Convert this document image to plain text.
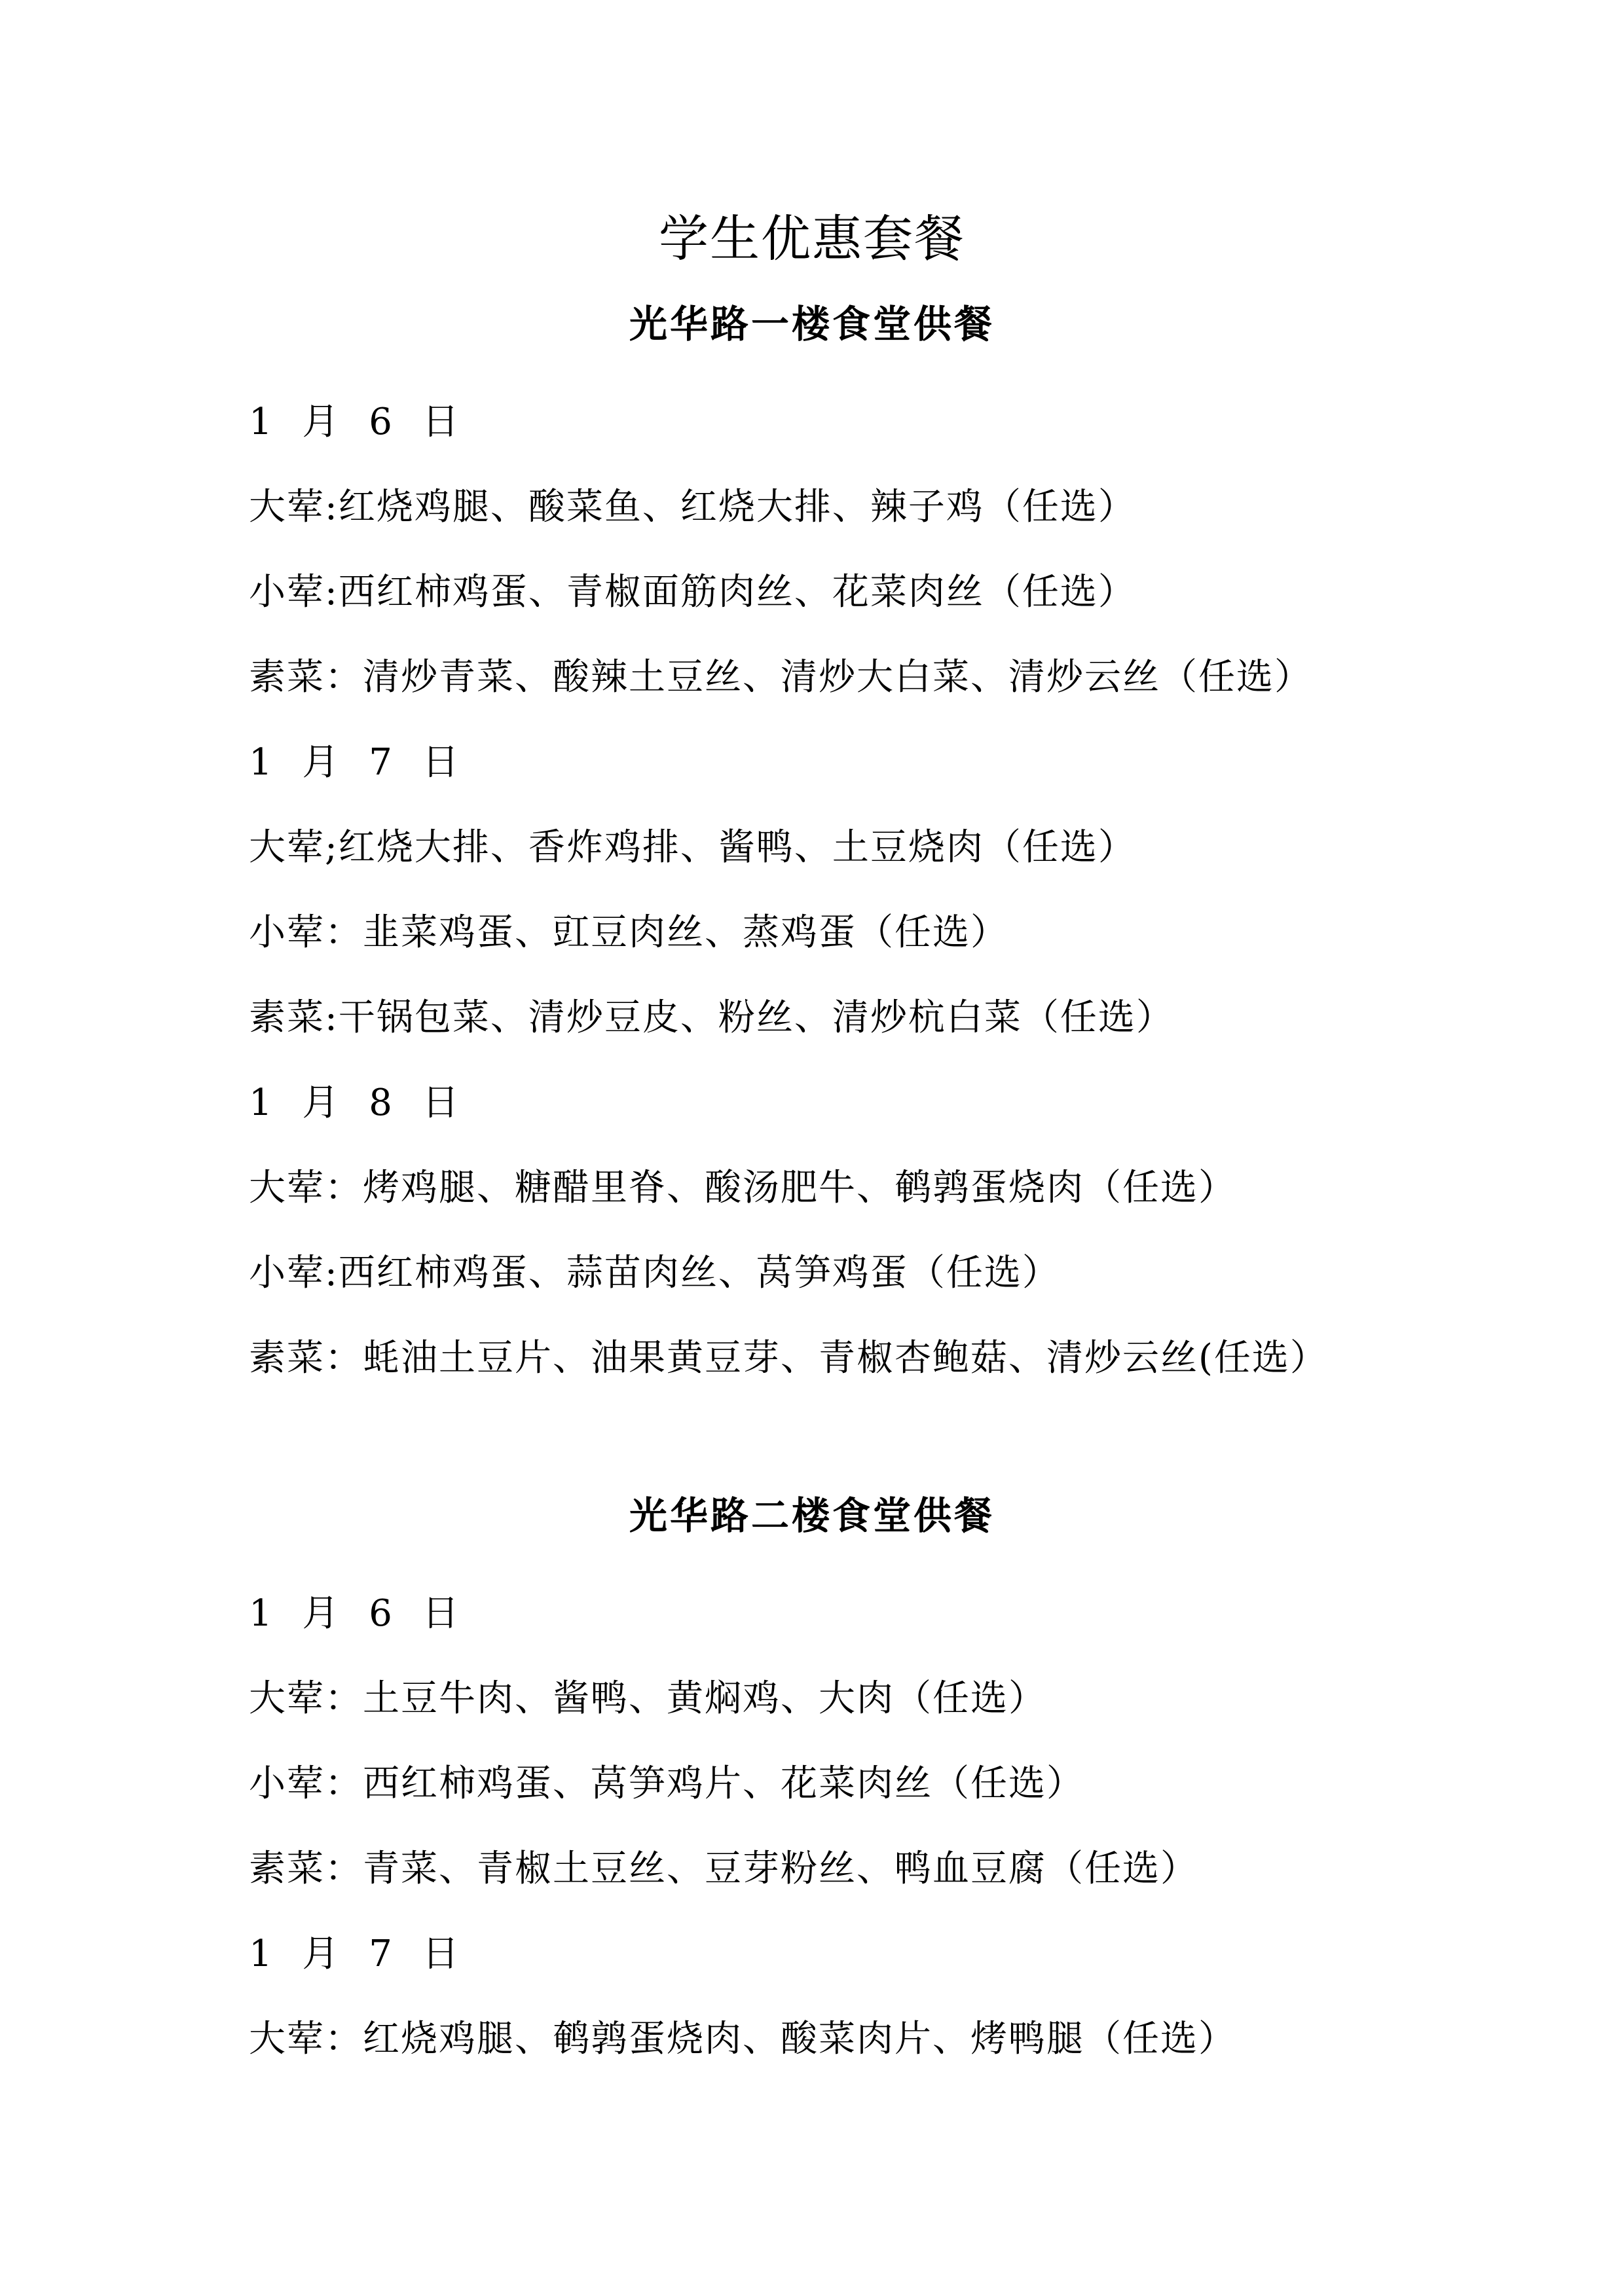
学生优惠套餐
光华路一楼食堂供餐
1 月 6 日
大荤:红烧鸡腿、酸菜鱼、红烧大排、辣子鸡（任选）
小荤:西红柿鸡蛋、青椒面筋肉丝、花菜肉丝（任选）
素菜：清炒青菜、酸辣土豆丝、清炒大白菜、清炒云丝（任选）
1 月 7 日
大荤;红烧大排、香炸鸡排、酱鸭、土豆烧肉（任选）
小荤：韭菜鸡蛋、豇豆肉丝、蒸鸡蛋（任选）
素菜:干锅包菜、清炒豆皮、粉丝、清炒杭白菜（任选）
1 月 8 日
大荤：烤鸡腿、糖醋里脊、酸汤肥牛、鹌鹑蛋烧肉（任选）
小荤:西红柿鸡蛋、蒜苗肉丝、莴笋鸡蛋（任选）
素菜：蚝油土豆片、油果黄豆芽、青椒杏鲍菇、清炒云丝(任选）
光华路二楼食堂供餐
1 月 6 日
大荤：土豆牛肉、酱鸭、黄焖鸡、大肉（任选）
小荤：西红柿鸡蛋、莴笋鸡片、花菜肉丝（任选）
素菜：青菜、青椒土豆丝、豆芽粉丝、鸭血豆腐（任选）
1 月 7 日
大荤：红烧鸡腿、鹌鹑蛋烧肉、酸菜肉片、烤鸭腿（任选）
